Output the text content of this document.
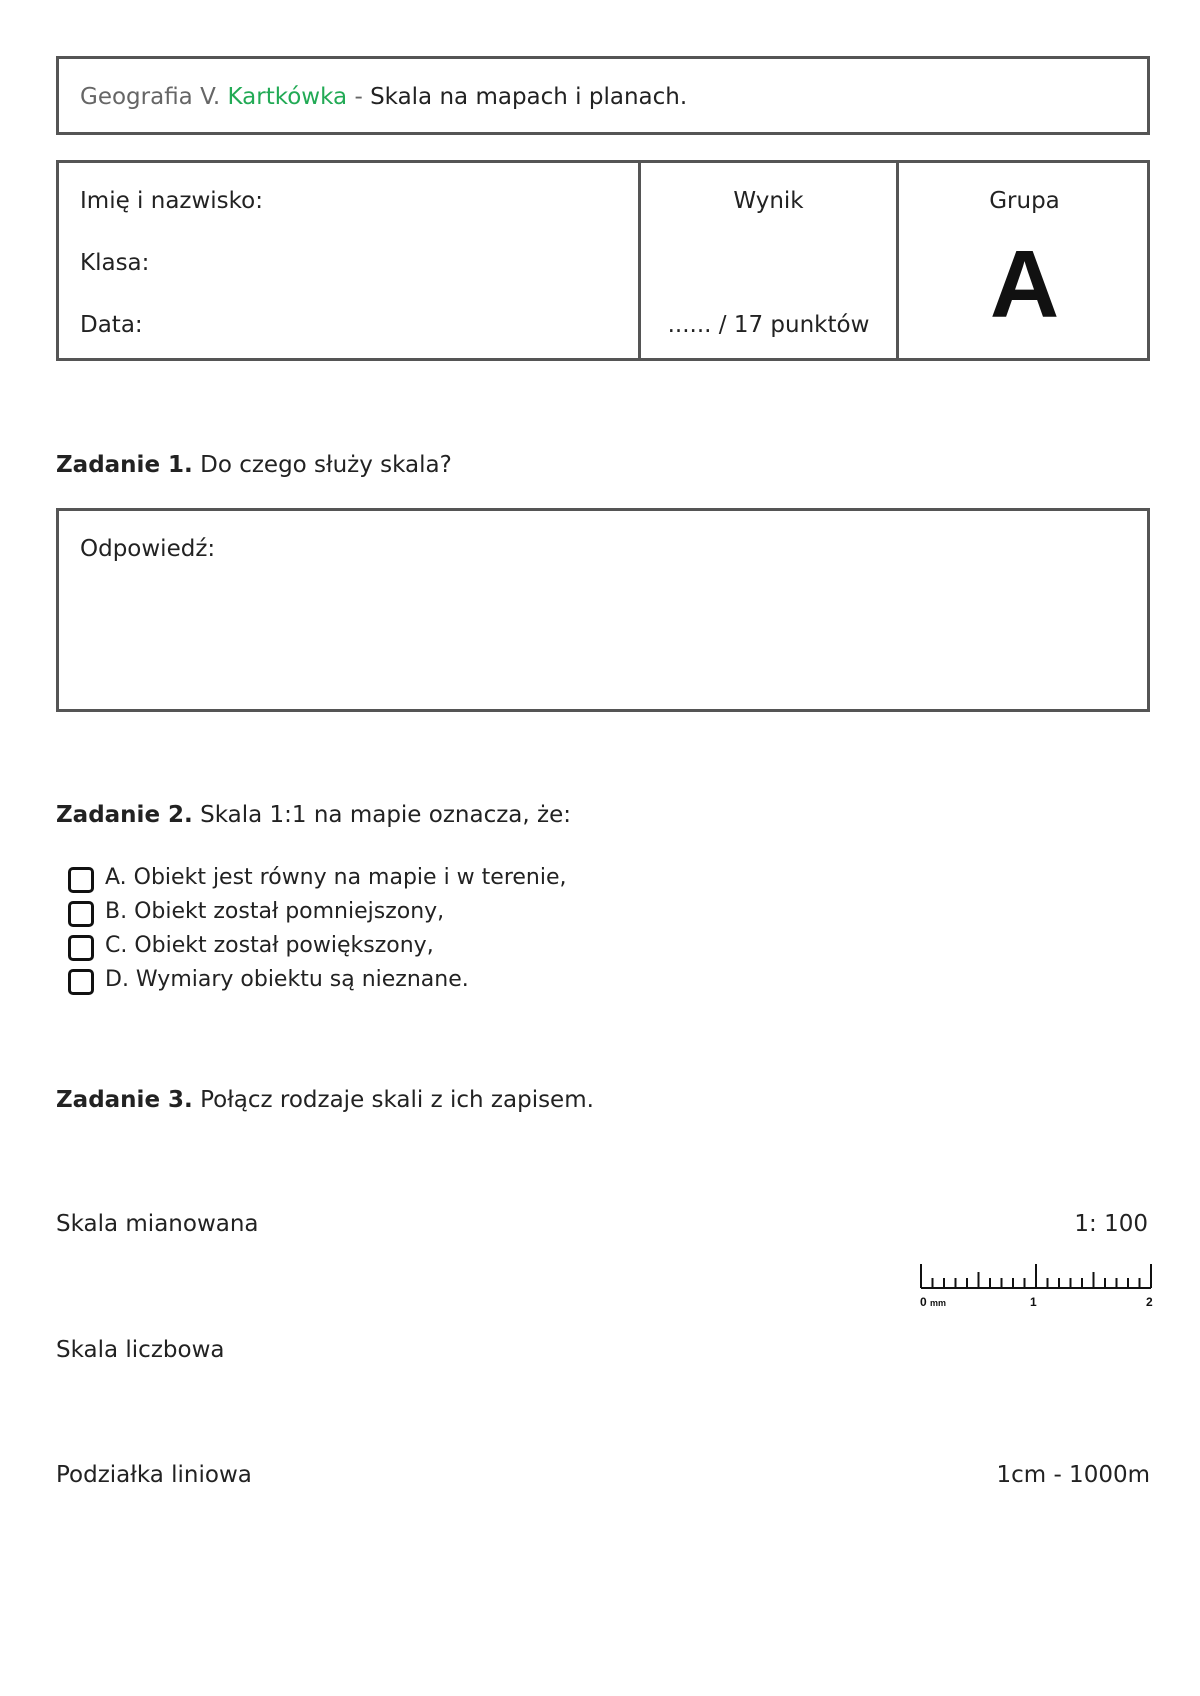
Geografia V. Kartkówka - Skala na mapach i planach.
Imię i nazwisko:
Klasa:
Data:
Wynik
...... / 17 punktów
Grupa
A
Zadanie 1. Do czego służy skala?
Odpowiedź:
Zadanie 2. Skala 1:1 na mapie oznacza, że:
A. Obiekt jest równy na mapie i w terenie,
B. Obiekt został pomniejszony,
C. Obiekt został powiększony,
D. Wymiary obiektu są nieznane.
Zadanie 3. Połącz rodzaje skali z ich zapisem.
Skala mianowana
Skala liczbowa
Podziałka liniowa
1: 100
1cm - 1000m
0 mm	1	2
